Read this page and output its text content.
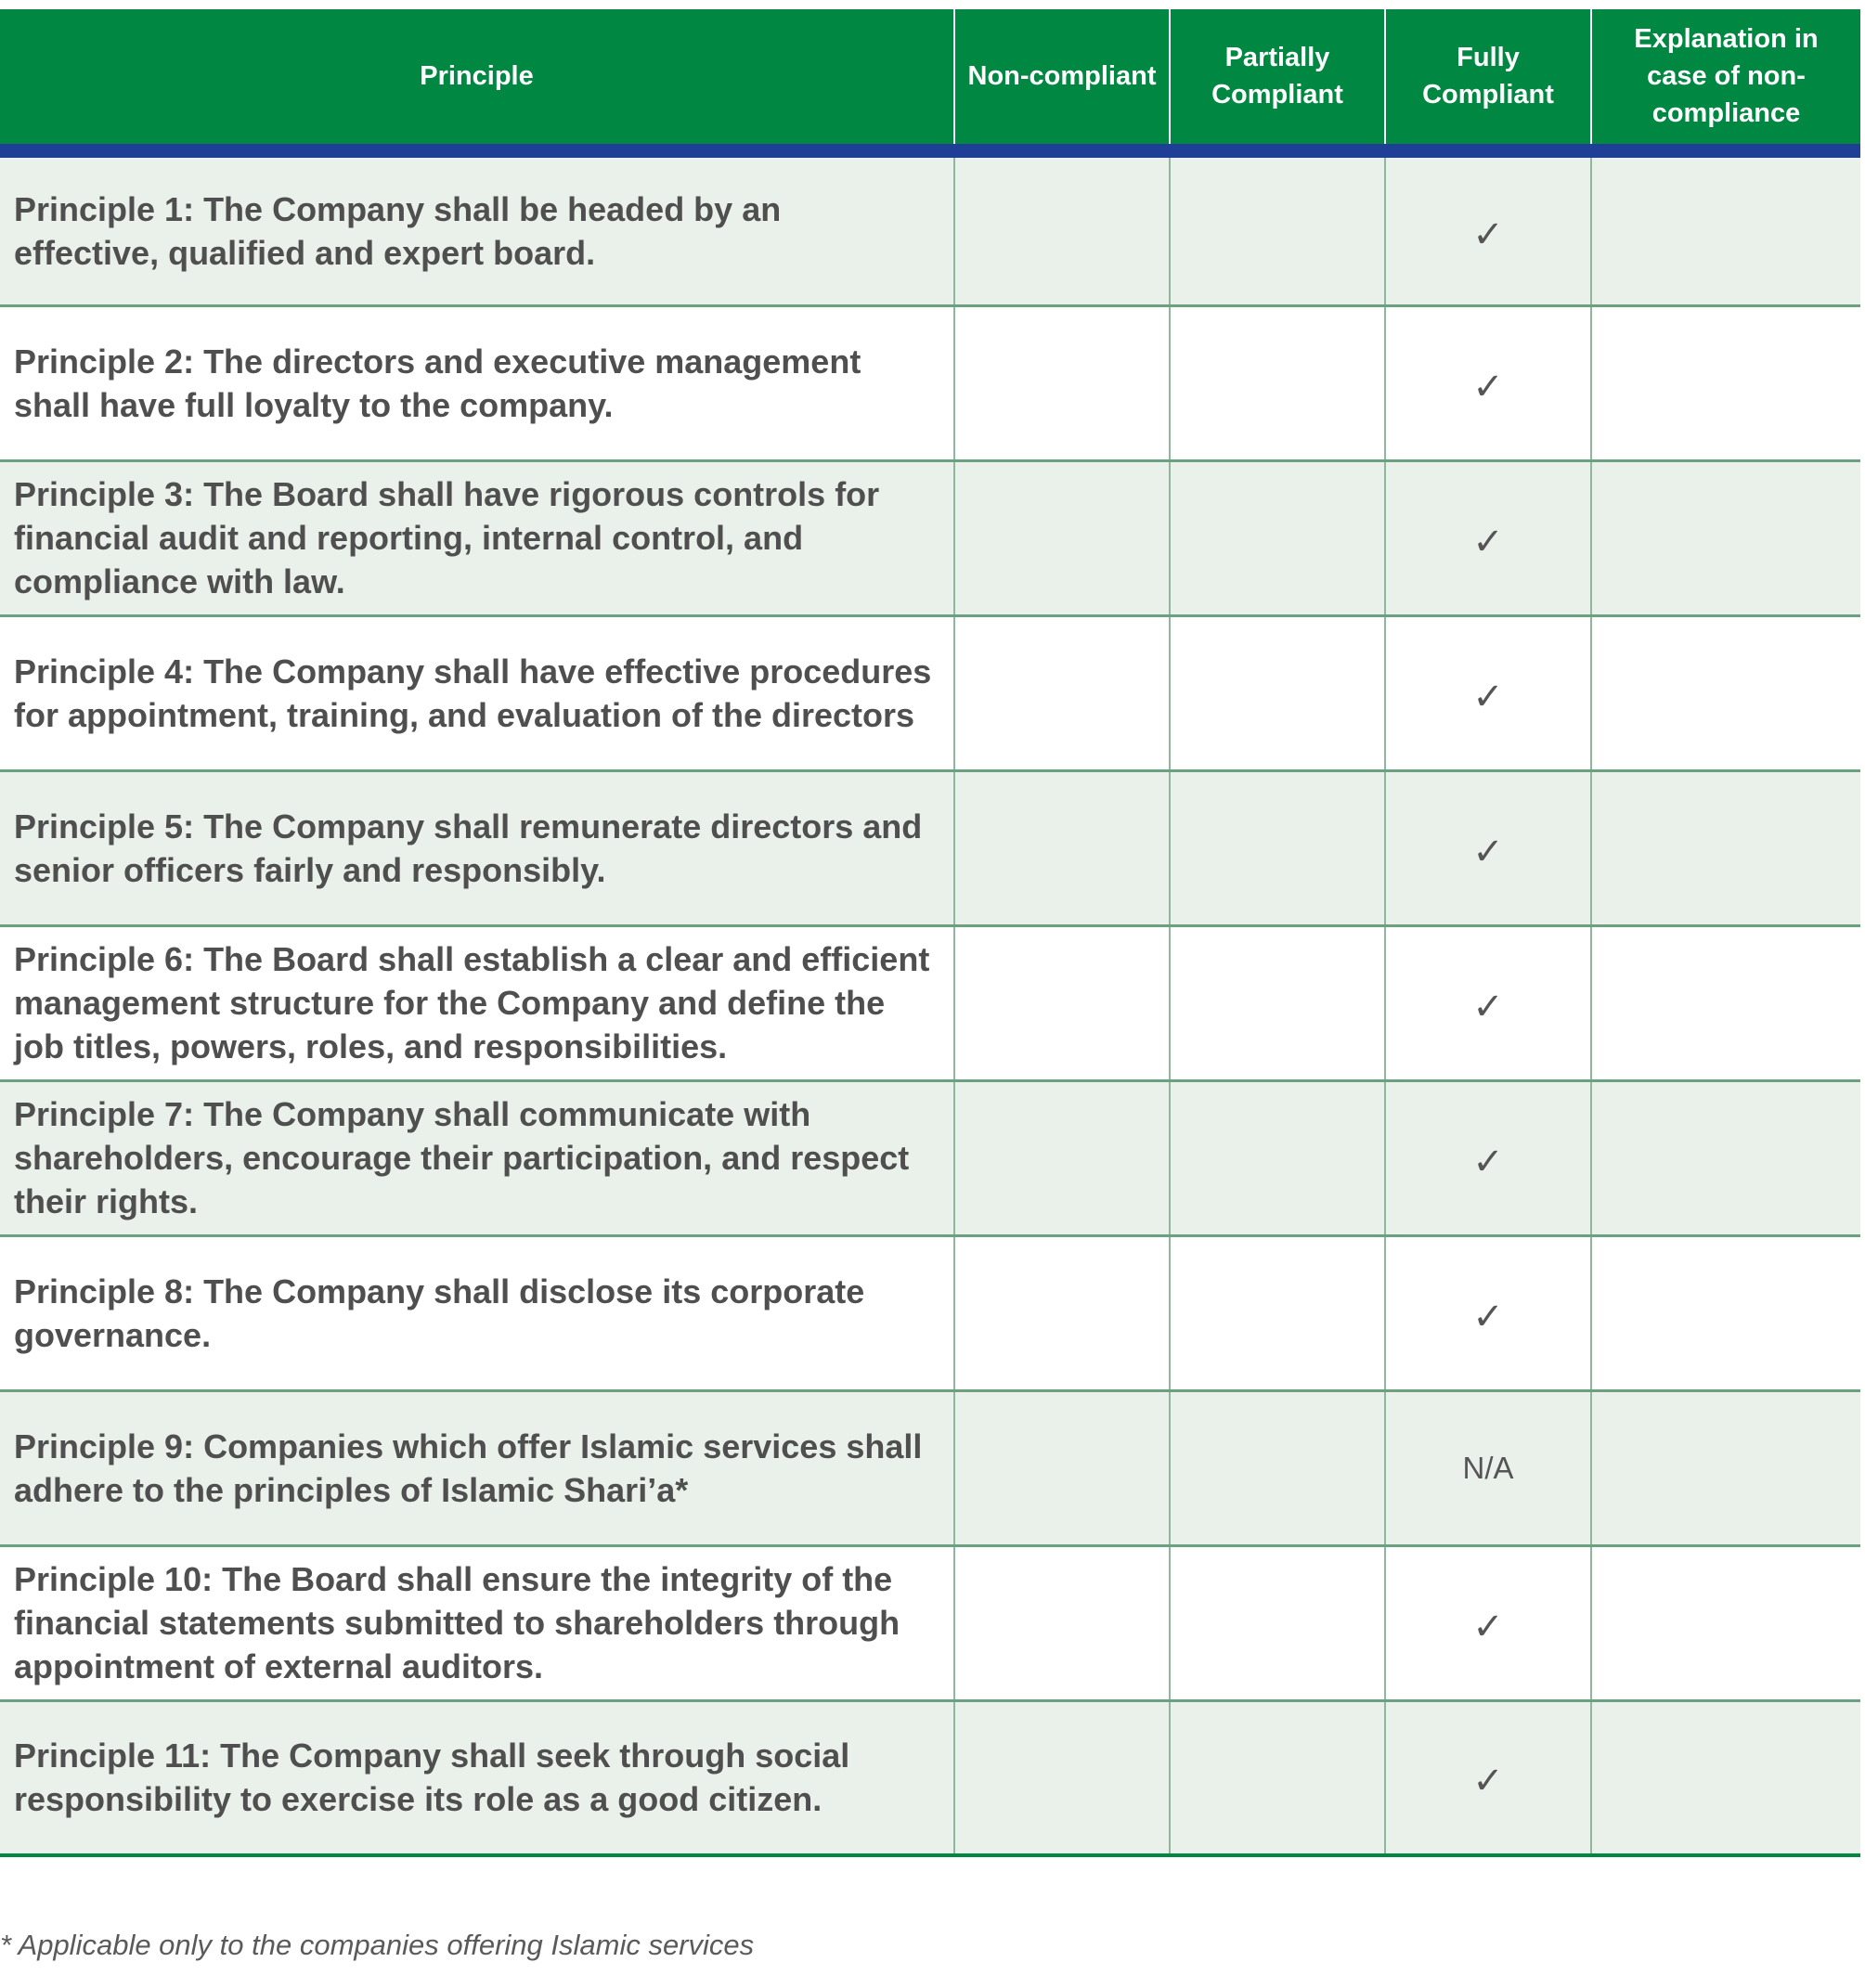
Principle	Non-compliant	Partially Compliant	Fully Compliant	Explanation in case of non-compliance

Principle 1: The Company shall be headed by an effective, qualified and expert board.			✓	

Principle 2: The directors and executive management shall have full loyalty to the company.			✓	

Principle 3: The Board shall have rigorous controls for financial audit and reporting, internal control, and compliance with law.			✓	

Principle 4: The Company shall have effective procedures for appointment, training, and evaluation of the directors			✓	

Principle 5: The Company shall remunerate directors and senior officers fairly and responsibly.			✓	

Principle 6: The Board shall establish a clear and efficient management structure for the Company and define the job titles, powers, roles, and responsibilities.			✓	

Principle 7: The Company shall communicate with shareholders, encourage their participation, and respect their rights.			✓	

Principle 8: The Company shall disclose its corporate governance.			✓	

Principle 9: Companies which offer Islamic services shall adhere to the principles of Islamic Shari’a*			N/A	

Principle 10: The Board shall ensure the integrity of the financial statements submitted to shareholders through appointment of external auditors.			✓	

Principle 11: The Company shall seek through social responsibility to exercise its role as a good citizen.			✓	
* Applicable only to the companies offering Islamic services
